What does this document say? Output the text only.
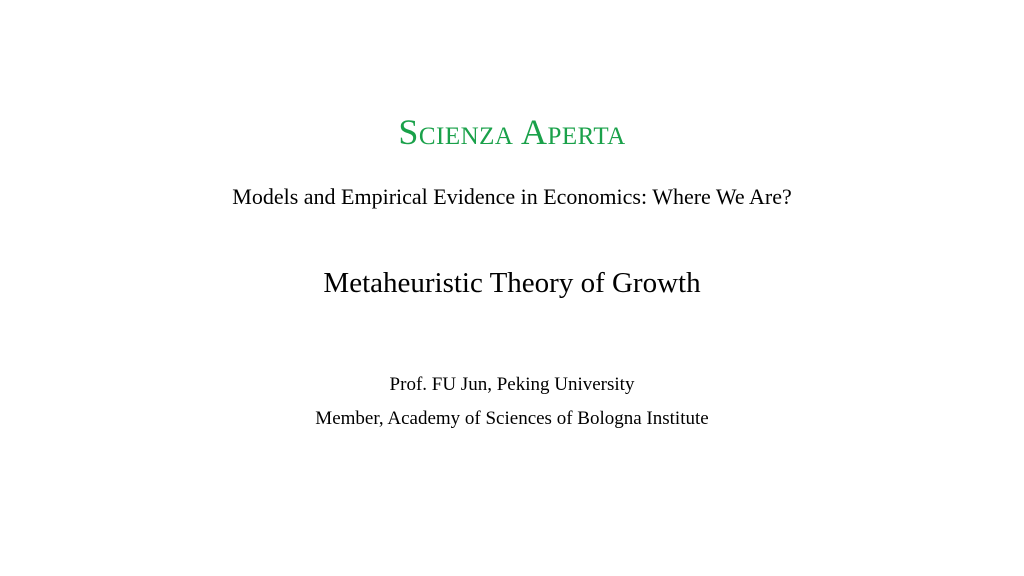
Scienza Aperta
Models and Empirical Evidence in Economics: Where We Are?
Metaheuristic Theory of Growth
Prof. FU Jun, Peking University
Member, Academy of Sciences of Bologna Institute
